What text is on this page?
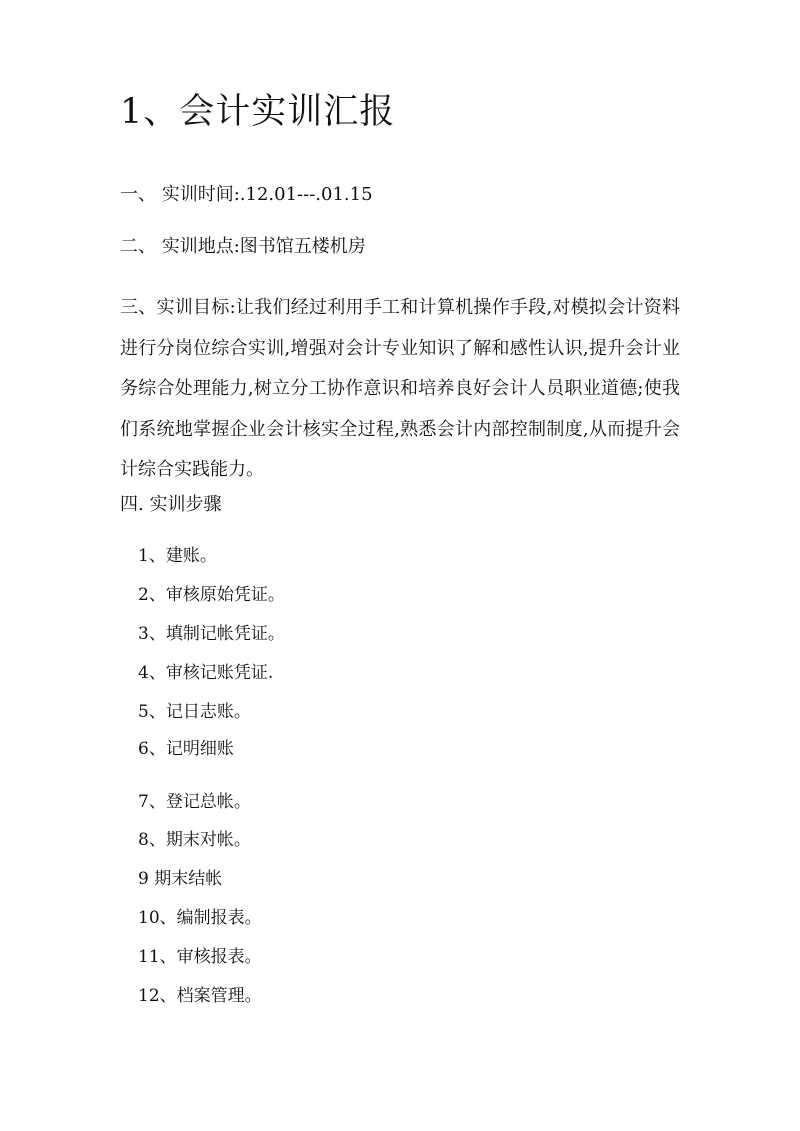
1、会计实训汇报
一、 实训时间:.12.01---.01.15
二、 实训地点:图书馆五楼机房

三、实训目标:让我们经过利用手工和计算机操作手段,对模拟会计资料进行分岗位综合实训,增强对会计专业知识了解和感性认识,提升会计业务综合处理能力,树立分工协作意识和培养良好会计人员职业道德;使我们系统地掌握企业会计核实全过程,熟悉会计内部控制制度,从而提升会计综合实践能力。

四. 实训步骤
1、建账。
2、审核原始凭证。
3、填制记帐凭证。
4、审核记账凭证.
5、记日志账。
6、记明细账
7、登记总帐。
8、期末对帐。
9 期末结帐
10、编制报表。
11、审核报表。
12、档案管理。
